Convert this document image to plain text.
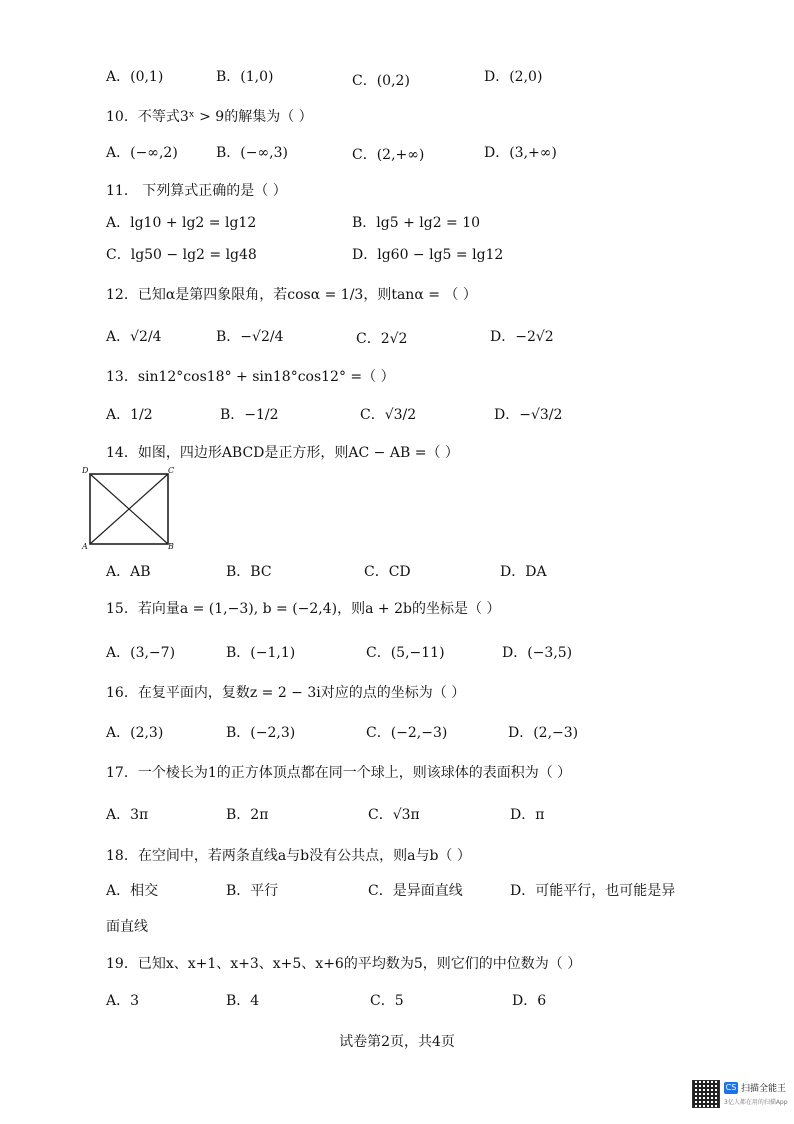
A．(0,1)	B．(1,0)	C．(0,2)	D．(2,0)
10．不等式3ˣ > 9的解集为（ ）
A．(−∞,2)	B．(−∞,3)	C．(2,+∞)	D．(3,+∞)
11． 下列算式正确的是（ ）
A．lg10 + lg2 = lg12	B．lg5 + lg2 = 10
C．lg50 − lg2 = lg48	D．lg60 − lg5 = lg12
12．已知α是第四象限角，若cosα = 1/3，则tanα = （ ）
A．√2/4	B．−√2/4	C．2√2	D．−2√2
13．sin12°cos18° + sin18°cos12° =（ ）
A．1/2	B．−1/2	C．√3/2	D．−√3/2
14．如图，四边形ABCD是正方形，则AC − AB =（ ）
D	C
A	B
A．AB	B．BC	C．CD	D．DA
15．若向量a = (1,−3), b = (−2,4)，则a + 2b的坐标是（ ）
A．(3,−7)	B．(−1,1)	C．(5,−11)	D．(−3,5)
16．在复平面内，复数z = 2 − 3i对应的点的坐标为（ ）
A．(2,3)	B．(−2,3)	C．(−2,−3)	D．(2,−3)
17．一个棱长为1的正方体顶点都在同一个球上，则该球体的表面积为（ ）
A．3π	B．2π	C．√3π	D．π
18．在空间中，若两条直线a与b没有公共点，则a与b（ ）
A．相交	B．平行	C．是异面直线	D．可能平行，也可能是异
面直线
19．已知x、x+1、x+3、x+5、x+6的平均数为5，则它们的中位数为（ ）
A．3	B．4	C．5	D．6
试卷第2页，共4页
CS 扫描全能王
3亿人都在用的扫描App
